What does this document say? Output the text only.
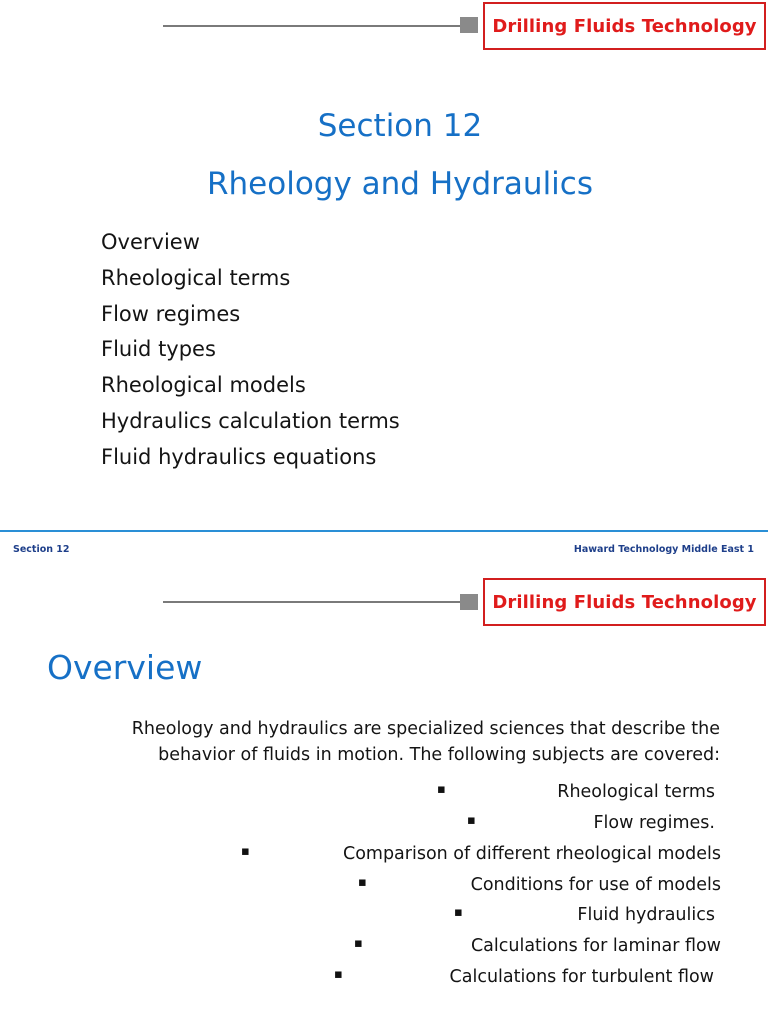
Drilling Fluids Technology
Section 12
Rheology and Hydraulics
Overview
Rheological terms
Flow regimes
Fluid types
Rheological models
Hydraulics calculation terms
Fluid hydraulics equations
Section 12	Haward Technology Middle East 1
Drilling Fluids Technology
Overview
Rheology and hydraulics are specialized sciences that describe the
behavior of fluids in motion. The following subjects are covered:
▪	Rheological terms
▪	Flow regimes.
▪	Comparison of different rheological models
▪	Conditions for use of models
▪	Fluid hydraulics
▪	Calculations for laminar flow
▪	Calculations for turbulent flow
